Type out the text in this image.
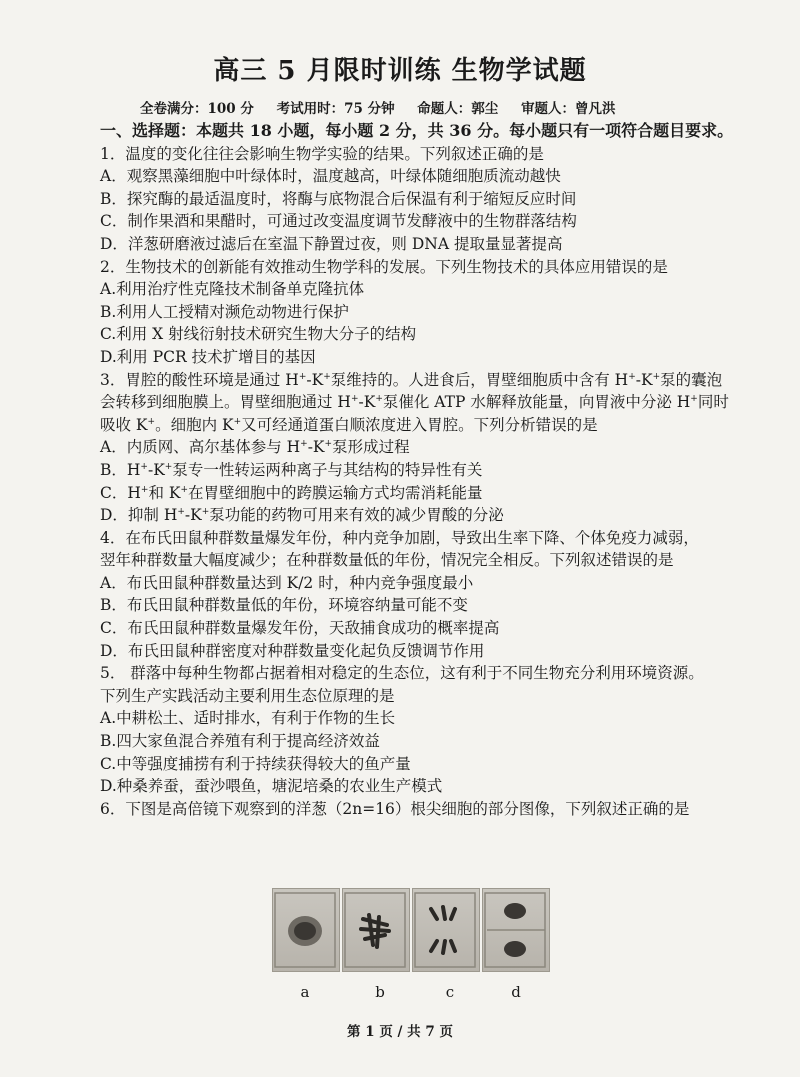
高三 5 月限时训练 生物学试题
全卷满分：100 分 考试用时：75 分钟 命题人：郭尘 审题人：曾凡洪
一、选择题：本题共 18 小题，每小题 2 分，共 36 分。每小题只有一项符合题目要求。
1．温度的变化往往会影响生物学实验的结果。下列叙述正确的是
A．观察黑藻细胞中叶绿体时，温度越高，叶绿体随细胞质流动越快
B．探究酶的最适温度时，将酶与底物混合后保温有利于缩短反应时间
C．制作果酒和果醋时，可通过改变温度调节发酵液中的生物群落结构
D．洋葱研磨液过滤后在室温下静置过夜，则 DNA 提取量显著提高
2．生物技术的创新能有效推动生物学科的发展。下列生物技术的具体应用错误的是
A.利用治疗性克隆技术制备单克隆抗体
B.利用人工授精对濒危动物进行保护
C.利用 X 射线衍射技术研究生物大分子的结构
D.利用 PCR 技术扩增目的基因
3．胃腔的酸性环境是通过 H+-K+泵维持的。人进食后，胃壁细胞质中含有 H+-K+泵的囊泡
会转移到细胞膜上。胃壁细胞通过 H+-K+泵催化 ATP 水解释放能量，向胃液中分泌 H+同时
吸收 K+。细胞内 K+又可经通道蛋白顺浓度进入胃腔。下列分析错误的是
A．内质网、高尔基体参与 H+-K+泵形成过程
B．H+-K+泵专一性转运两种离子与其结构的特异性有关
C．H+和 K+在胃壁细胞中的跨膜运输方式均需消耗能量
D．抑制 H+-K+泵功能的药物可用来有效的减少胃酸的分泌
4．在布氏田鼠种群数量爆发年份，种内竞争加剧，导致出生率下降、个体免疫力减弱，
翌年种群数量大幅度减少；在种群数量低的年份，情况完全相反。下列叙述错误的是
A．布氏田鼠种群数量达到 K/2 时，种内竞争强度最小
B．布氏田鼠种群数量低的年份，环境容纳量可能不变
C．布氏田鼠种群数量爆发年份，天敌捕食成功的概率提高
D．布氏田鼠种群密度对种群数量变化起负反馈调节作用
5． 群落中每种生物都占据着相对稳定的生态位，这有利于不同生物充分利用环境资源。
下列生产实践活动主要利用生态位原理的是
A.中耕松土、适时排水，有利于作物的生长
B.四大家鱼混合养殖有利于提高经济效益
C.中等强度捕捞有利于持续获得较大的鱼产量
D.种桑养蚕，蚕沙喂鱼，塘泥培桑的农业生产模式
6．下图是高倍镜下观察到的洋葱（2n=16）根尖细胞的部分图像，下列叙述正确的是
a	b	c	d
第 1 页 / 共 7 页
